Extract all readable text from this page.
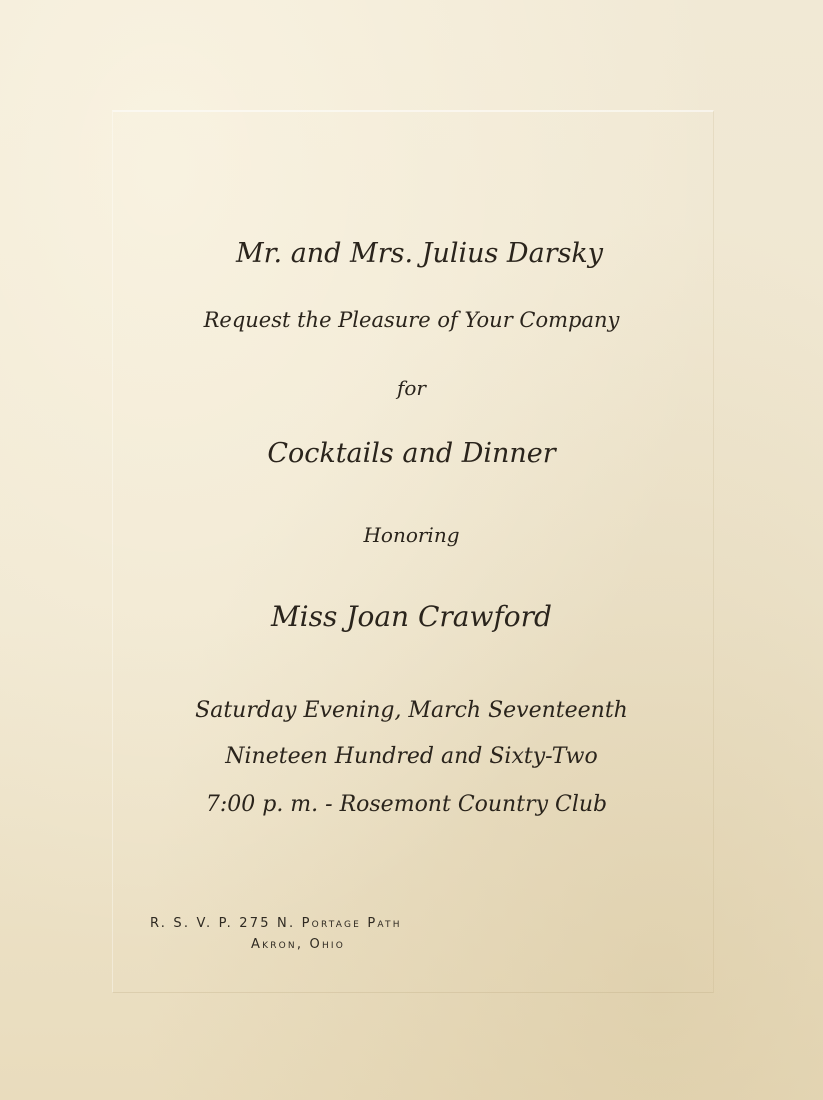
Mr. and Mrs. Julius Darsky
Request the Pleasure of Your Company
for
Cocktails and Dinner
Honoring
Miss Joan Crawford
Saturday Evening, March Seventeenth
Nineteen Hundred and Sixty-Two
7:00 p. m. - Rosemont Country Club
R. S. V. P. 275 N. Portage Path
Akron, Ohio
